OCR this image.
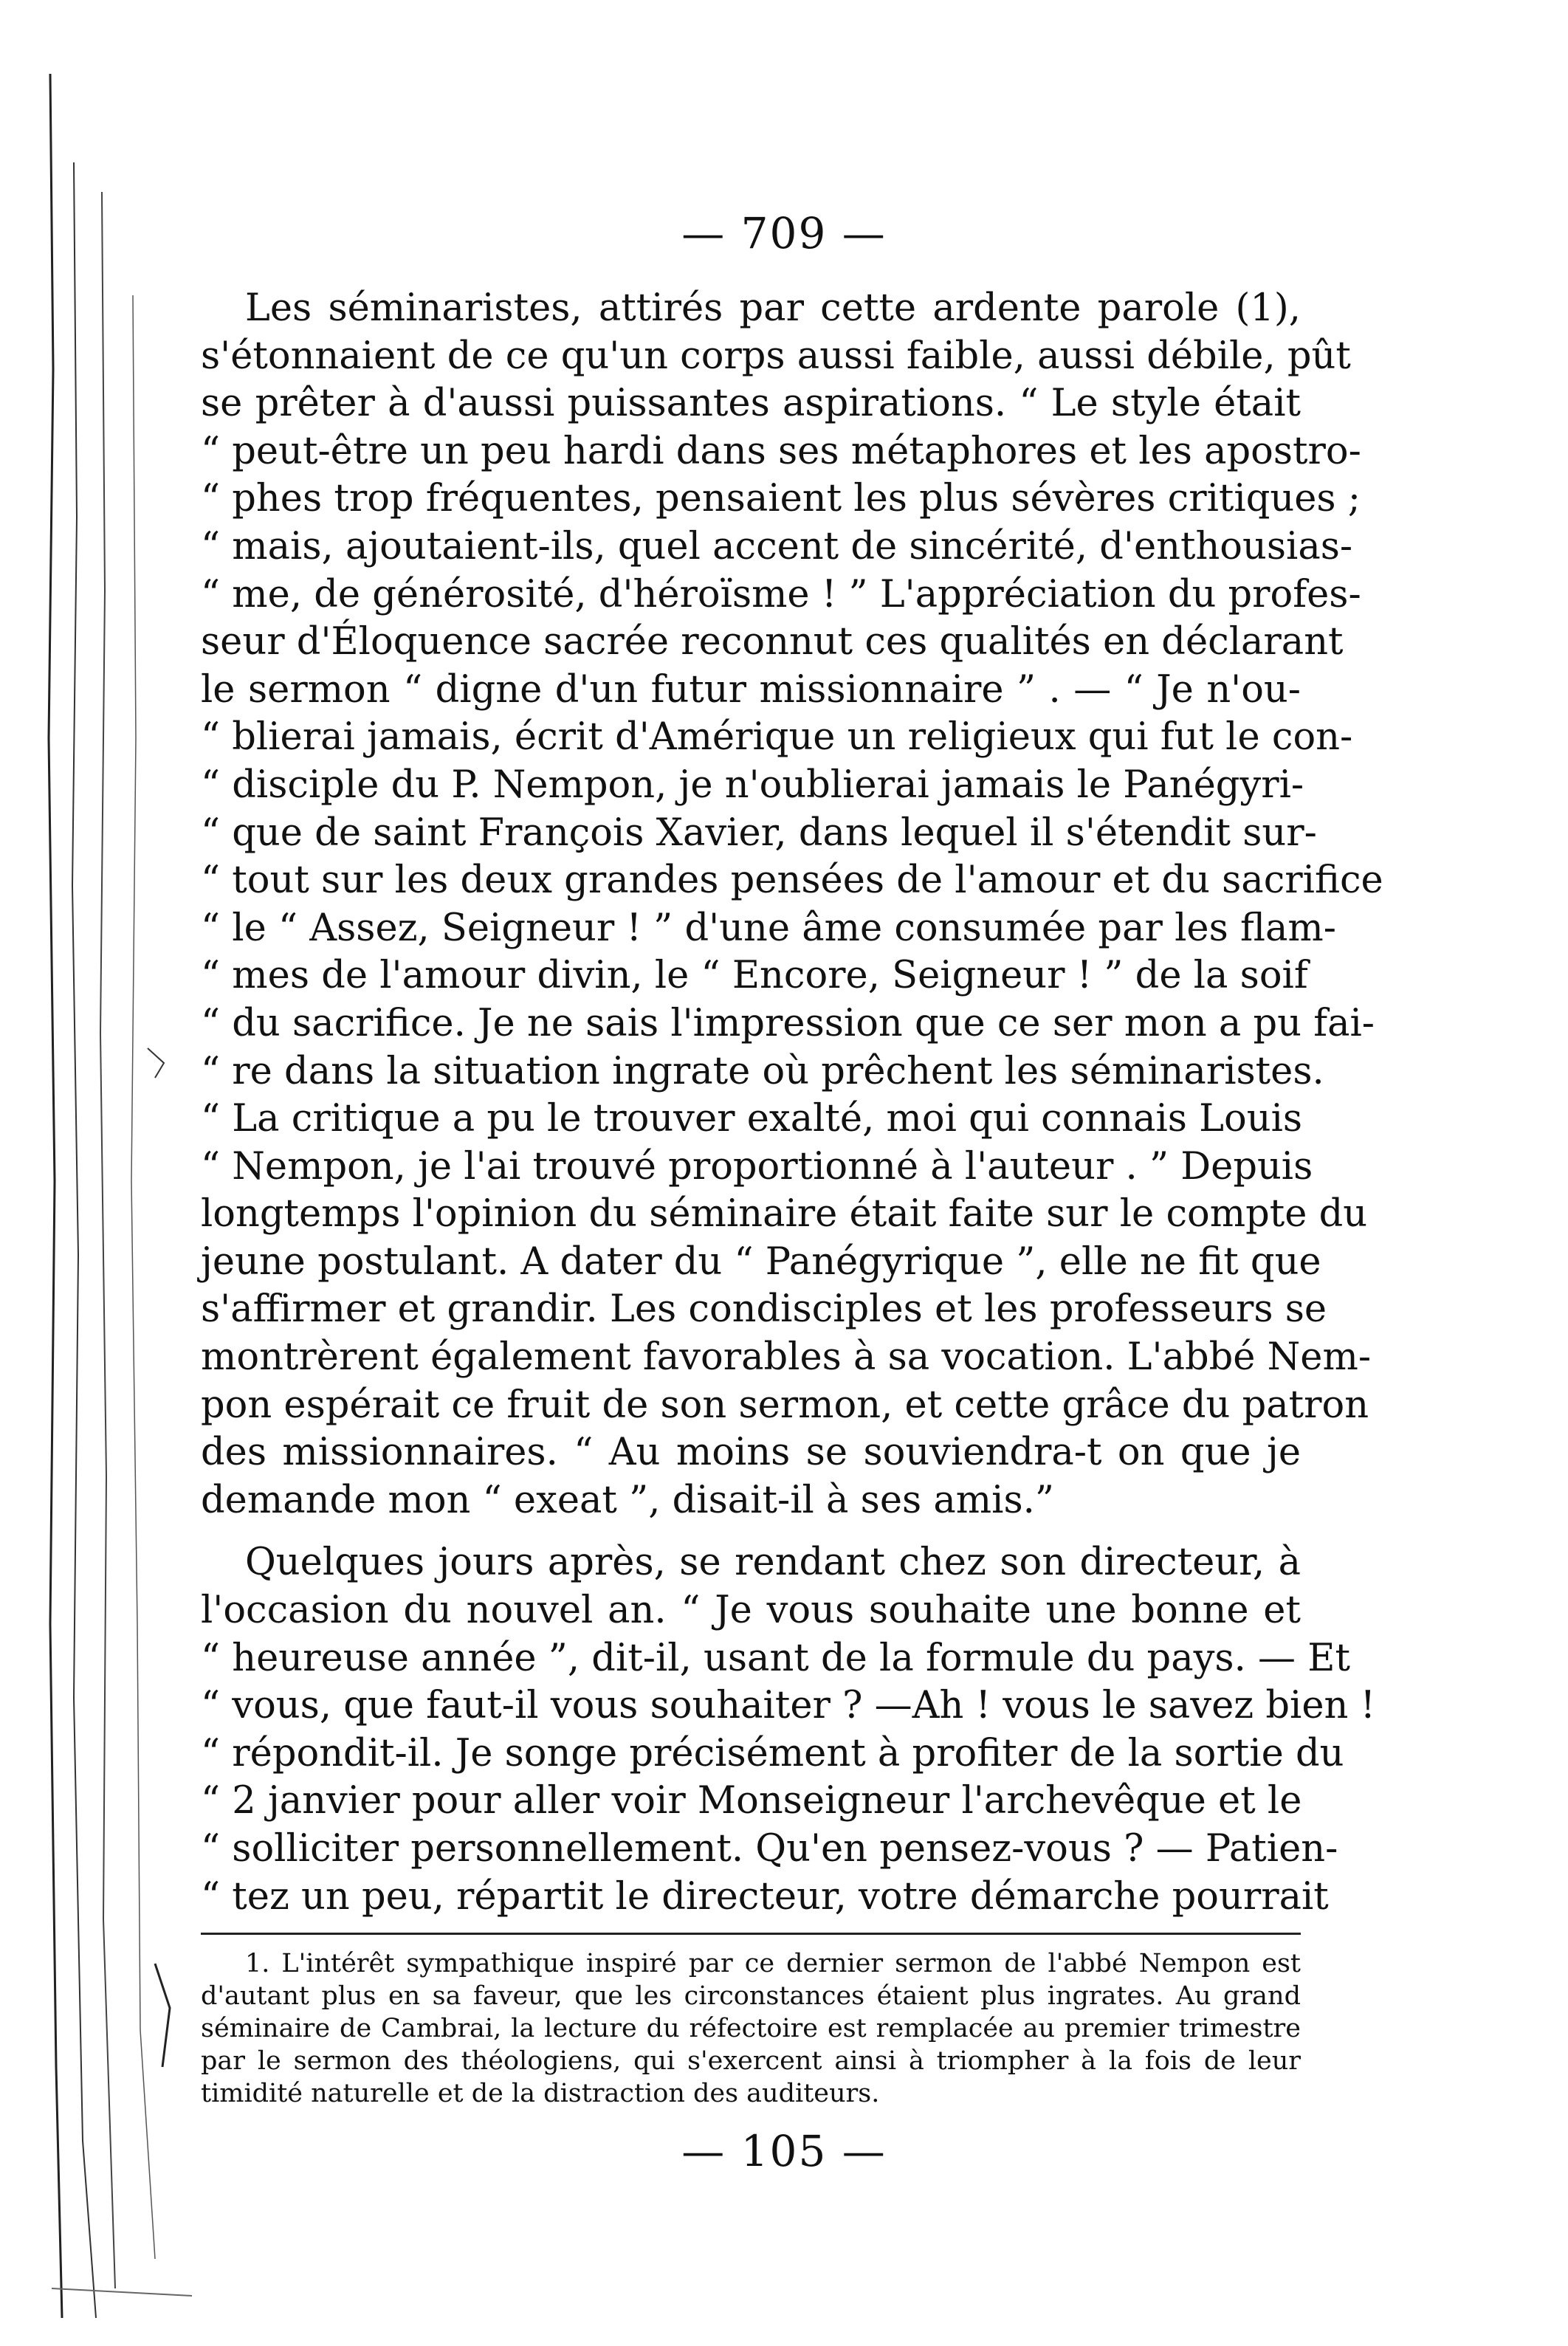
— 709 —
Les séminaristes, attirés par cette ardente parole (1),
s'étonnaient de ce qu'un corps aussi faible, aussi débile, pût
se prêter à d'aussi puissantes aspirations. “ Le style était
“ peut-être un peu hardi dans ses métaphores et les apostro-
“ phes trop fréquentes, pensaient les plus sévères critiques ;
“ mais, ajoutaient-ils, quel accent de sincérité, d'enthousias-
“ me, de générosité, d'héroïsme ! ” L'appréciation du profes-
seur d'Éloquence sacrée reconnut ces qualités en déclarant
le sermon “ digne d'un futur missionnaire ” . — “ Je n'ou-
“ blierai jamais, écrit d'Amérique un religieux qui fut le con-
“ disciple du P. Nempon, je n'oublierai jamais le Panégyri-
“ que de saint François Xavier, dans lequel il s'étendit sur-
“ tout sur les deux grandes pensées de l'amour et du sacrifice
“ le “ Assez, Seigneur ! ” d'une âme consumée par les flam-
“ mes de l'amour divin, le “ Encore, Seigneur ! ” de la soif
“ du sacrifice. Je ne sais l'impression que ce ser mon a pu fai-
“ re dans la situation ingrate où prêchent les séminaristes.
“ La critique a pu le trouver exalté, moi qui connais Louis
“ Nempon, je l'ai trouvé proportionné à l'auteur . ” Depuis
longtemps l'opinion du séminaire était faite sur le compte du
jeune postulant. A dater du “ Panégyrique ”, elle ne fit que
s'affirmer et grandir. Les condisciples et les professeurs se
montrèrent également favorables à sa vocation. L'abbé Nem-
pon espérait ce fruit de son sermon, et cette grâce du patron
des missionnaires. “ Au moins se souviendra-t on que je
demande mon “ exeat ”, disait-il à ses amis.”
Quelques jours après, se rendant chez son directeur, à
l'occasion du nouvel an. “ Je vous souhaite une bonne et
“ heureuse année ”, dit-il, usant de la formule du pays. — Et
“ vous, que faut-il vous souhaiter ? —Ah ! vous le savez bien !
“ répondit-il. Je songe précisément à profiter de la sortie du
“ 2 janvier pour aller voir Monseigneur l'archevêque et le
“ solliciter personnellement. Qu'en pensez-vous ? — Patien-
“ tez un peu, répartit le directeur, votre démarche pourrait
1. L'intérêt sympathique inspiré par ce dernier sermon de l'abbé Nempon est
d'autant plus en sa faveur, que les circonstances étaient plus ingrates. Au grand
séminaire de Cambrai, la lecture du réfectoire est remplacée au premier trimestre
par le sermon des théologiens, qui s'exercent ainsi à triompher à la fois de leur
timidité naturelle et de la distraction des auditeurs.
— 105 —
